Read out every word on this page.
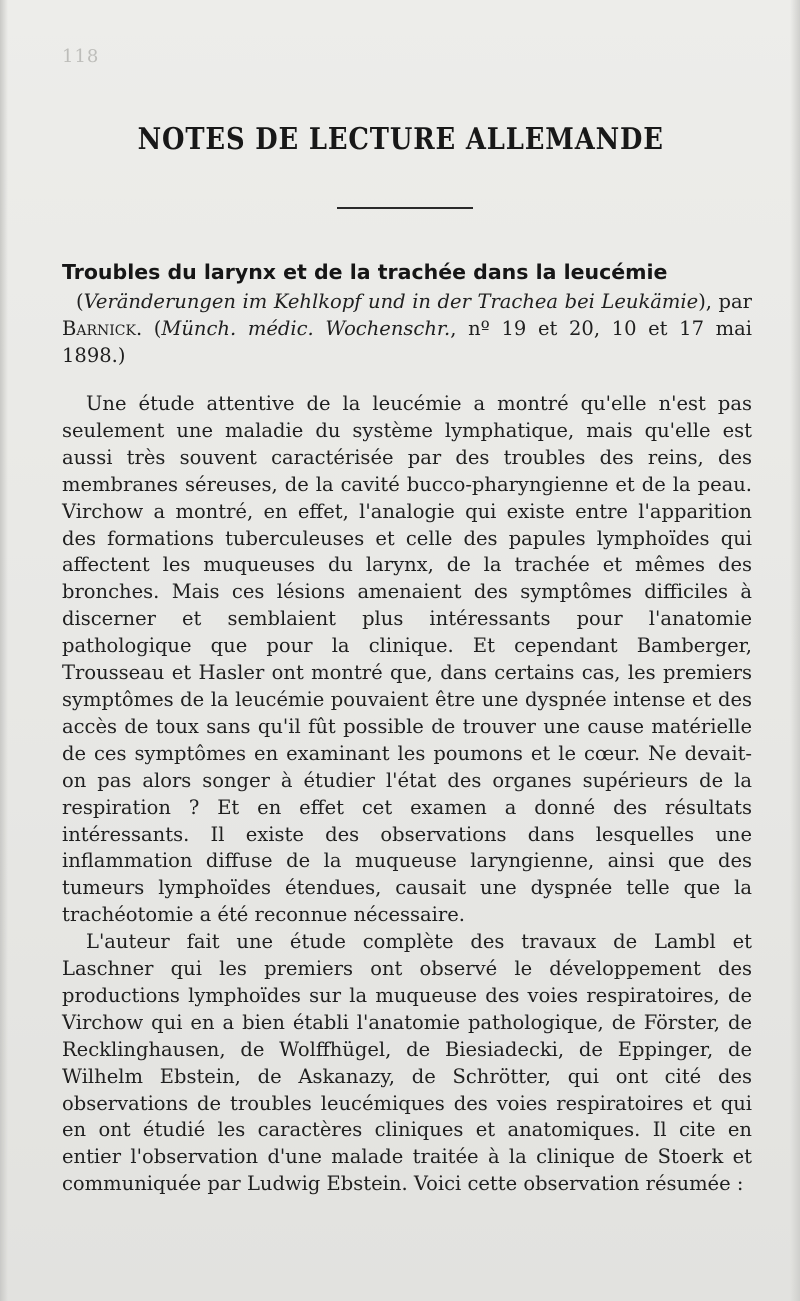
118
NOTES DE LECTURE ALLEMANDE
Troubles du larynx et de la trachée dans la leucémie
(Veränderungen im Kehlkopf und in der Trachea bei Leukämie), par Barnick. (Münch. médic. Wochenschr., nº 19 et 20, 10 et 17 mai 1898.)

Une étude attentive de la leucémie a montré qu'elle n'est pas seulement une maladie du système lymphatique, mais qu'elle est aussi très souvent caractérisée par des troubles des reins, des membranes séreuses, de la cavité bucco-pharyngienne et de la peau. Virchow a montré, en effet, l'analogie qui existe entre l'apparition des formations tuberculeuses et celle des papules lymphoïdes qui affectent les muqueuses du larynx, de la trachée et mêmes des bronches. Mais ces lésions amenaient des symptômes difficiles à discerner et semblaient plus intéressants pour l'anatomie pathologique que pour la clinique. Et cependant Bamberger, Trousseau et Hasler ont montré que, dans certains cas, les premiers symptômes de la leucémie pouvaient être une dyspnée intense et des accès de toux sans qu'il fût possible de trouver une cause matérielle de ces symptômes en examinant les poumons et le cœur. Ne devait-on pas alors songer à étudier l'état des organes supérieurs de la respiration ? Et en effet cet examen a donné des résultats intéressants. Il existe des observations dans lesquelles une inflammation diffuse de la muqueuse laryngienne, ainsi que des tumeurs lymphoïdes étendues, causait une dyspnée telle que la trachéotomie a été reconnue nécessaire.

L'auteur fait une étude complète des travaux de Lambl et Laschner qui les premiers ont observé le développement des productions lymphoïdes sur la muqueuse des voies respiratoires, de Virchow qui en a bien établi l'anatomie pathologique, de Förster, de Recklinghausen, de Wolffhügel, de Biesiadecki, de Eppinger, de Wilhelm Ebstein, de Askanazy, de Schrötter, qui ont cité des observations de troubles leucémiques des voies respiratoires et qui en ont étudié les caractères cliniques et anatomiques. Il cite en entier l'observation d'une malade traitée à la clinique de Stoerk et communiquée par Ludwig Ebstein. Voici cette observation résumée :
